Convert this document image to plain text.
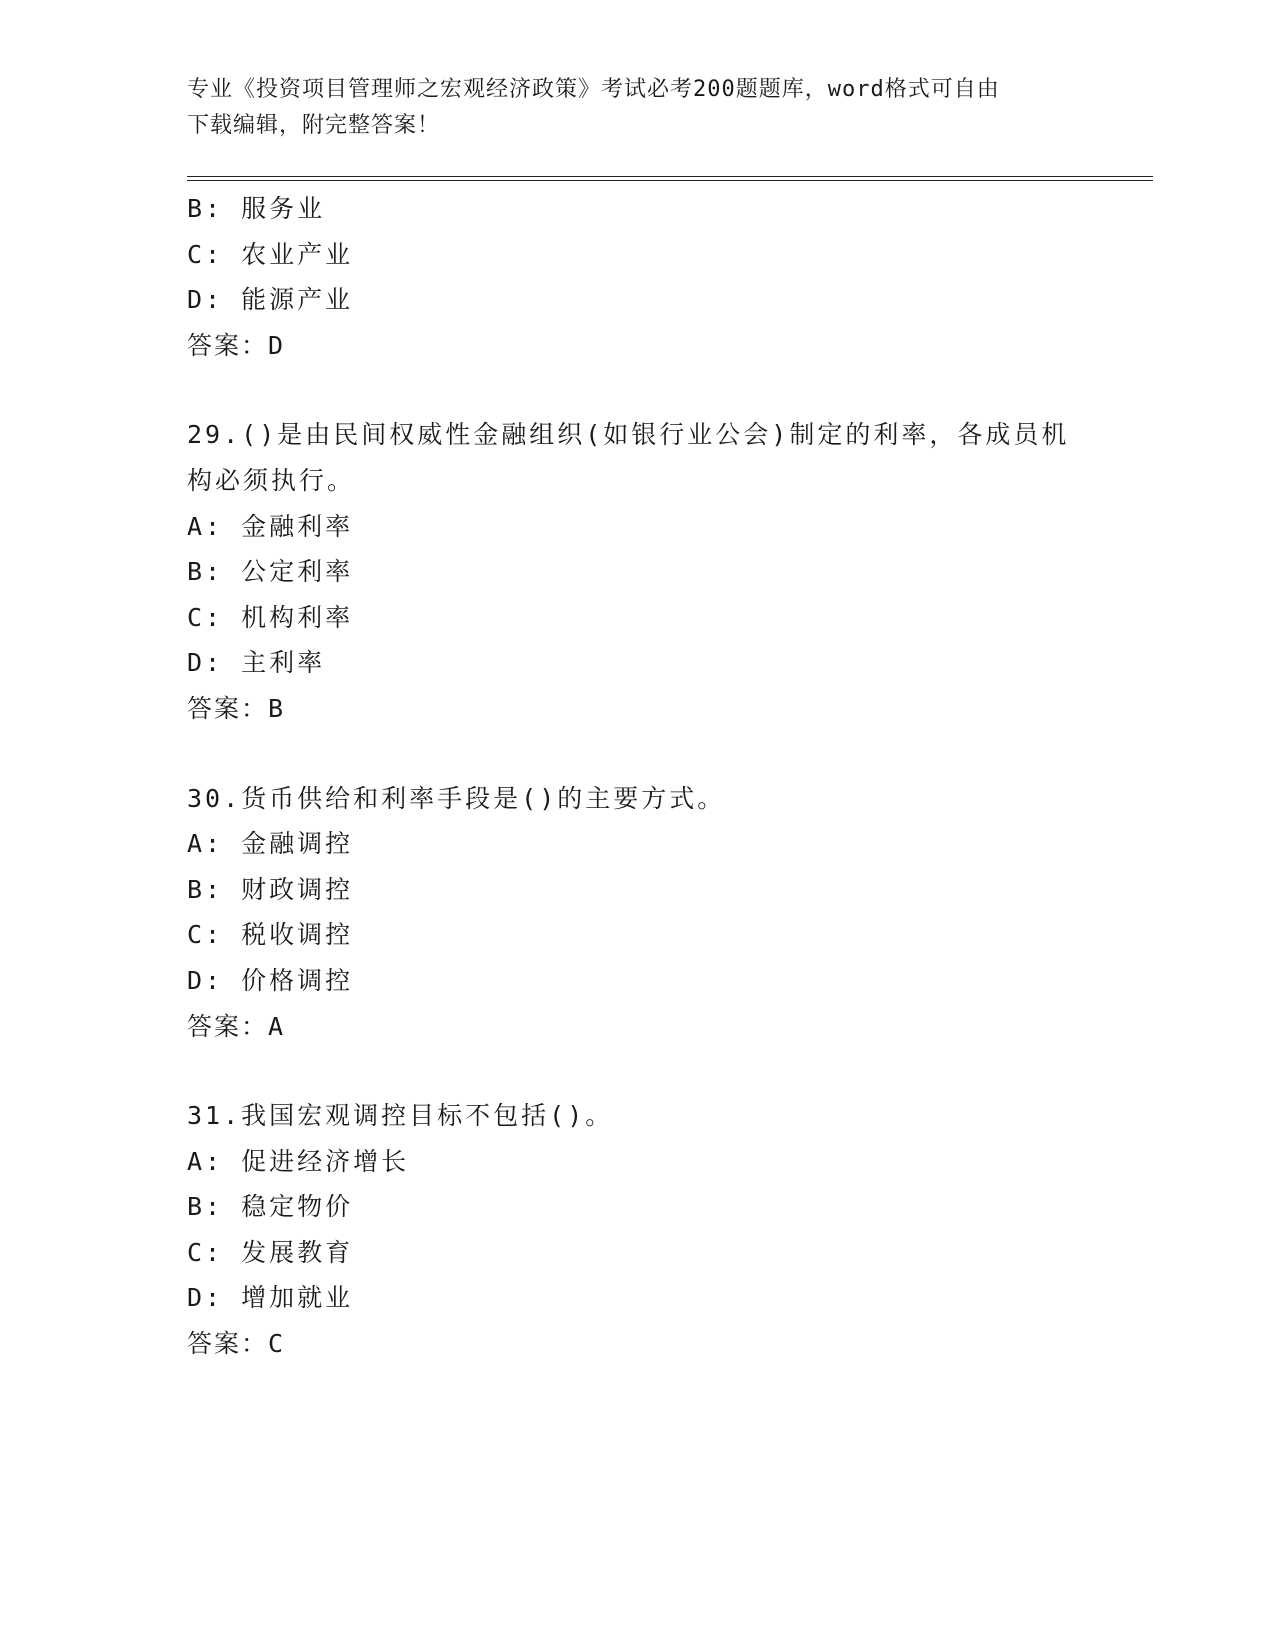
专业《投资项目管理师之宏观经济政策》考试必考200题题库，word格式可自由
下载编辑，附完整答案！
B: 服务业
C: 农业产业
D: 能源产业
答案：D
29.()是由民间权威性金融组织(如银行业公会)制定的利率，各成员机
构必须执行。
A: 金融利率
B: 公定利率
C: 机构利率
D: 主利率
答案：B
30.货币供给和利率手段是()的主要方式。
A: 金融调控
B: 财政调控
C: 税收调控
D: 价格调控
答案：A
31.我国宏观调控目标不包括()。
A: 促进经济增长
B: 稳定物价
C: 发展教育
D: 增加就业
答案：C
